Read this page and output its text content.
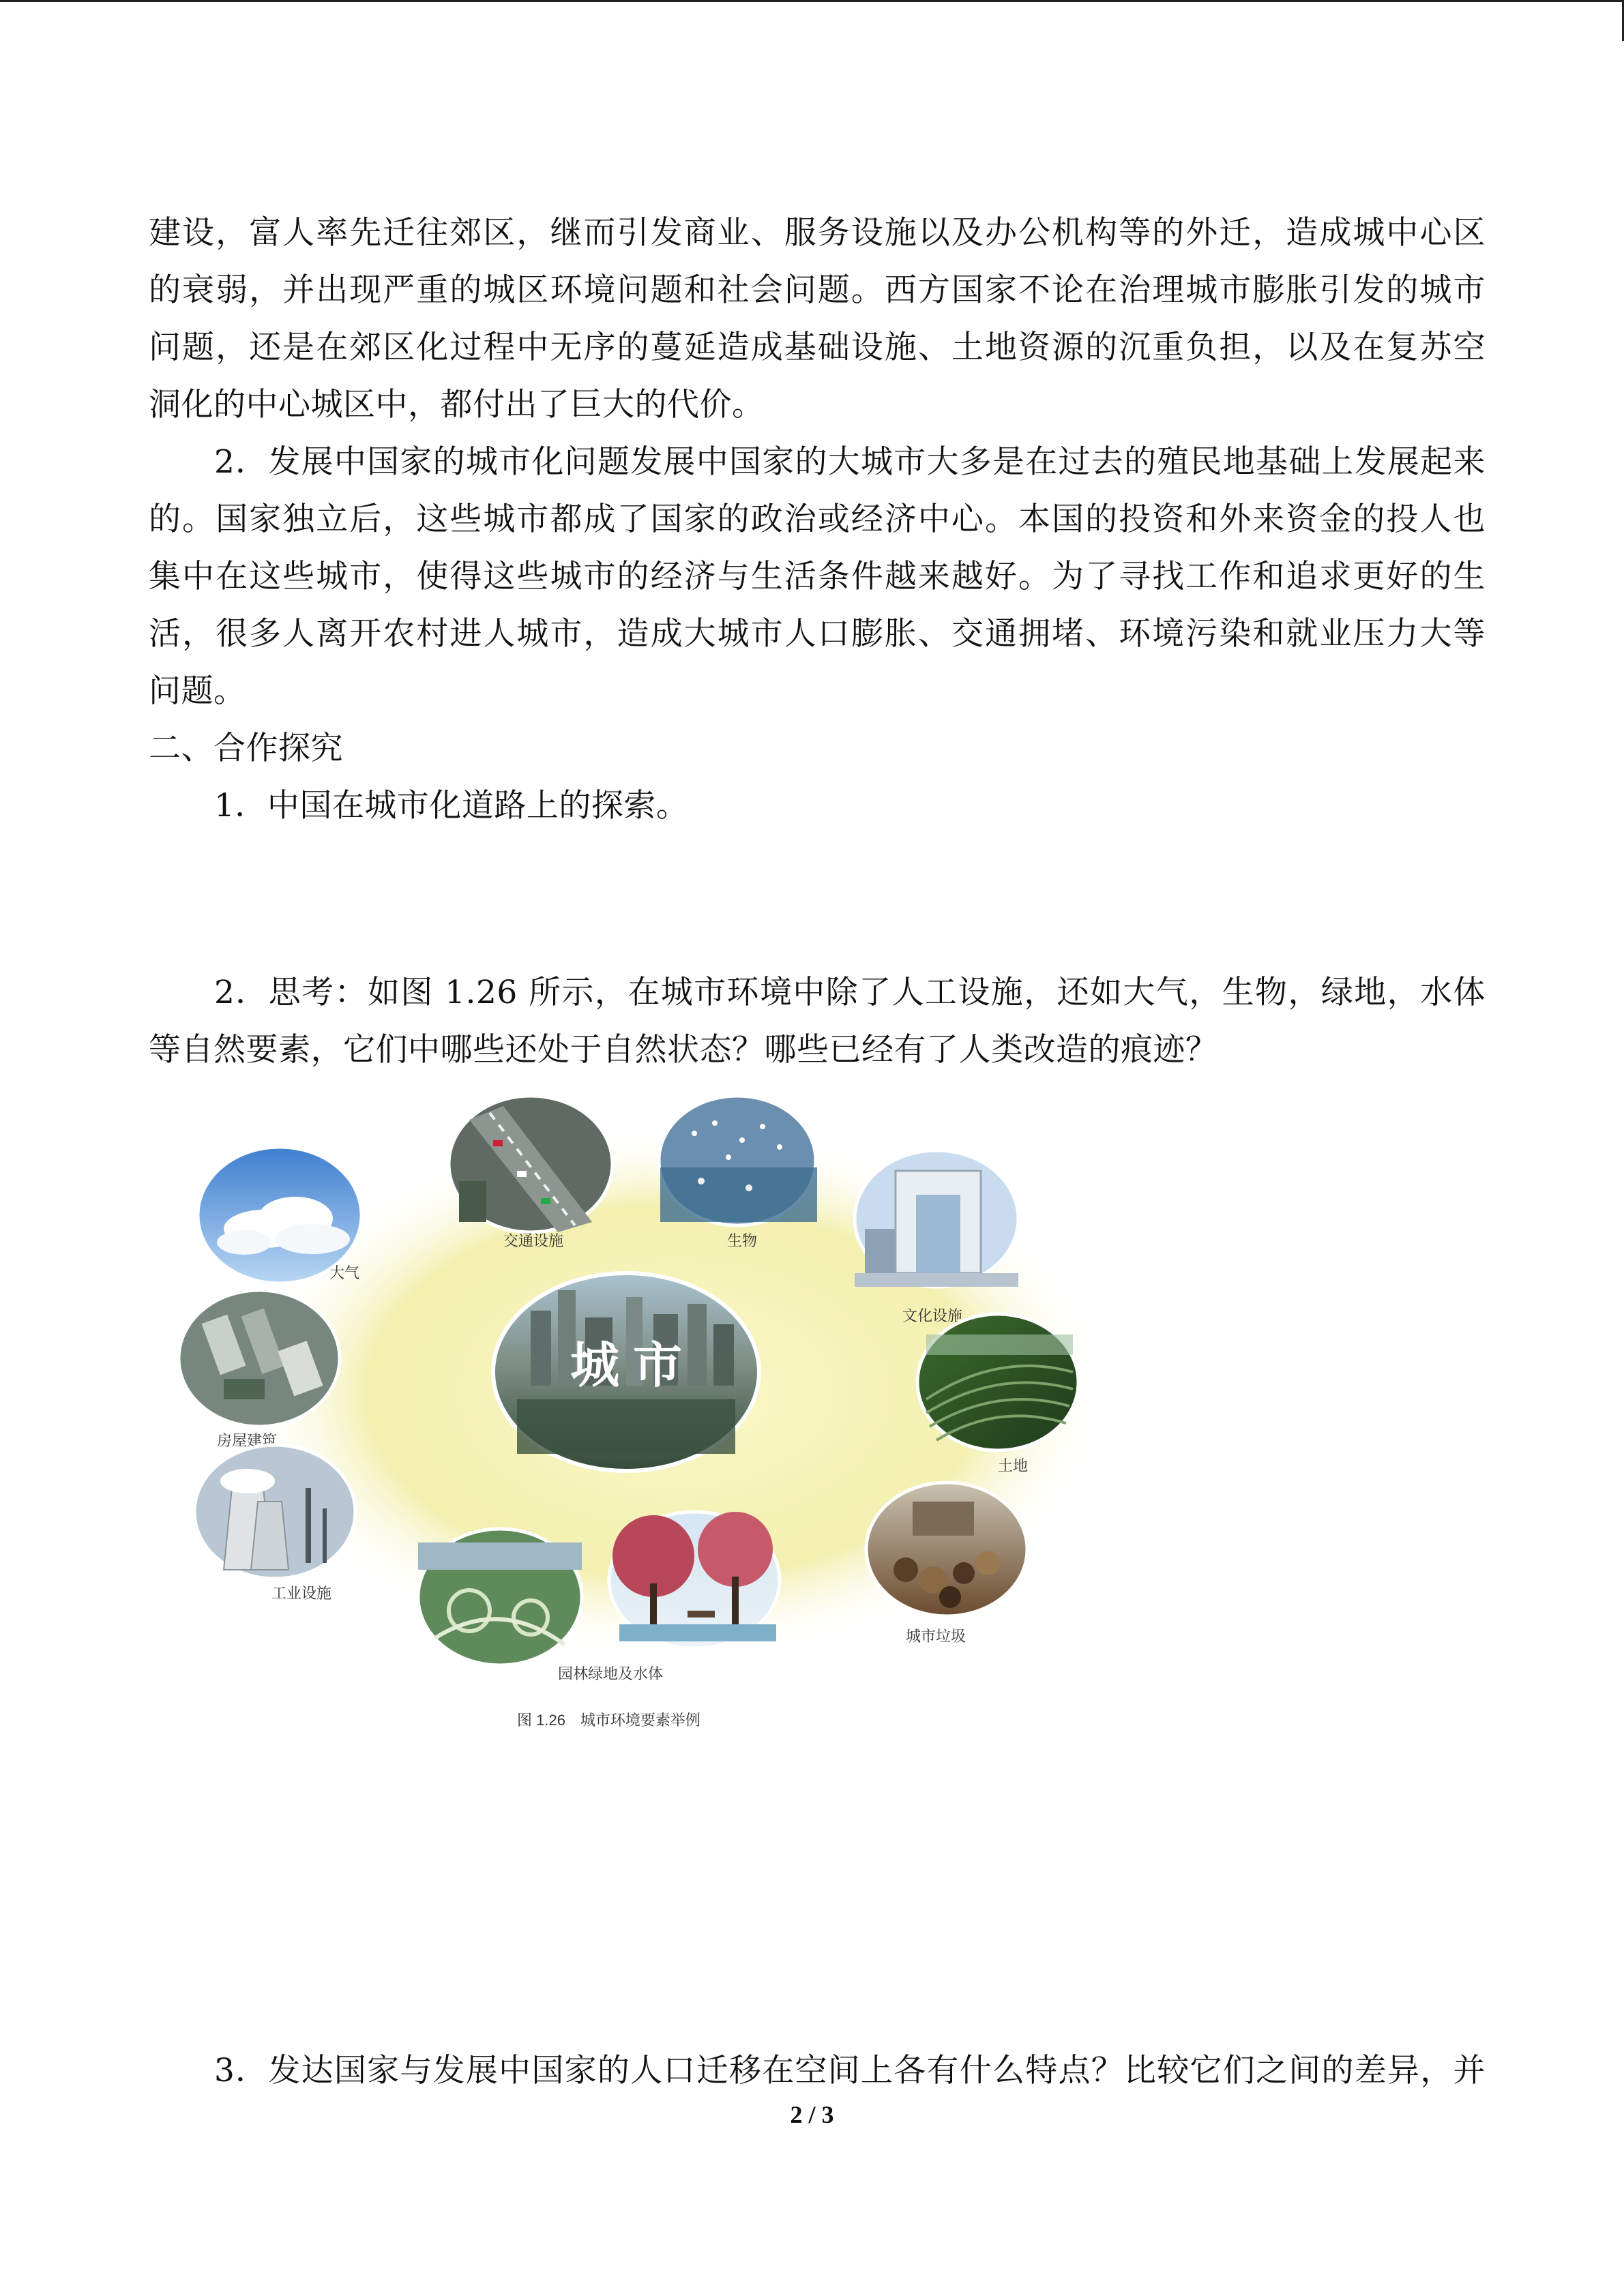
建设，富人率先迁往郊区，继而引发商业、服务设施以及办公机构等的外迁，造成城中心区
的衰弱，并出现严重的城区环境问题和社会问题。西方国家不论在治理城市膨胀引发的城市
问题，还是在郊区化过程中无序的蔓延造成基础设施、土地资源的沉重负担，以及在复苏空
洞化的中心城区中，都付出了巨大的代价。
2．发展中国家的城市化问题发展中国家的大城市大多是在过去的殖民地基础上发展起来
的。国家独立后，这些城市都成了国家的政治或经济中心。本国的投资和外来资金的投人也
集中在这些城市，使得这些城市的经济与生活条件越来越好。为了寻找工作和追求更好的生
活，很多人离开农村进人城市，造成大城市人口膨胀、交通拥堵、环境污染和就业压力大等
问题。
二、合作探究
1．中国在城市化道路上的探索。
2．思考：如图 1.26 所示，在城市环境中除了人工设施，还如大气，生物，绿地，水体
等自然要素，它们中哪些还处于自然状态？哪些已经有了人类改造的痕迹？
城 市
大气
交通设施	生物
文化设施
房屋建筑
土地
工业设施
园林绿地及水体
城市垃圾
图 1.26　城市环境要素举例
3．发达国家与发展中国家的人口迁移在空间上各有什么特点？比较它们之间的差异，并
2 / 3
